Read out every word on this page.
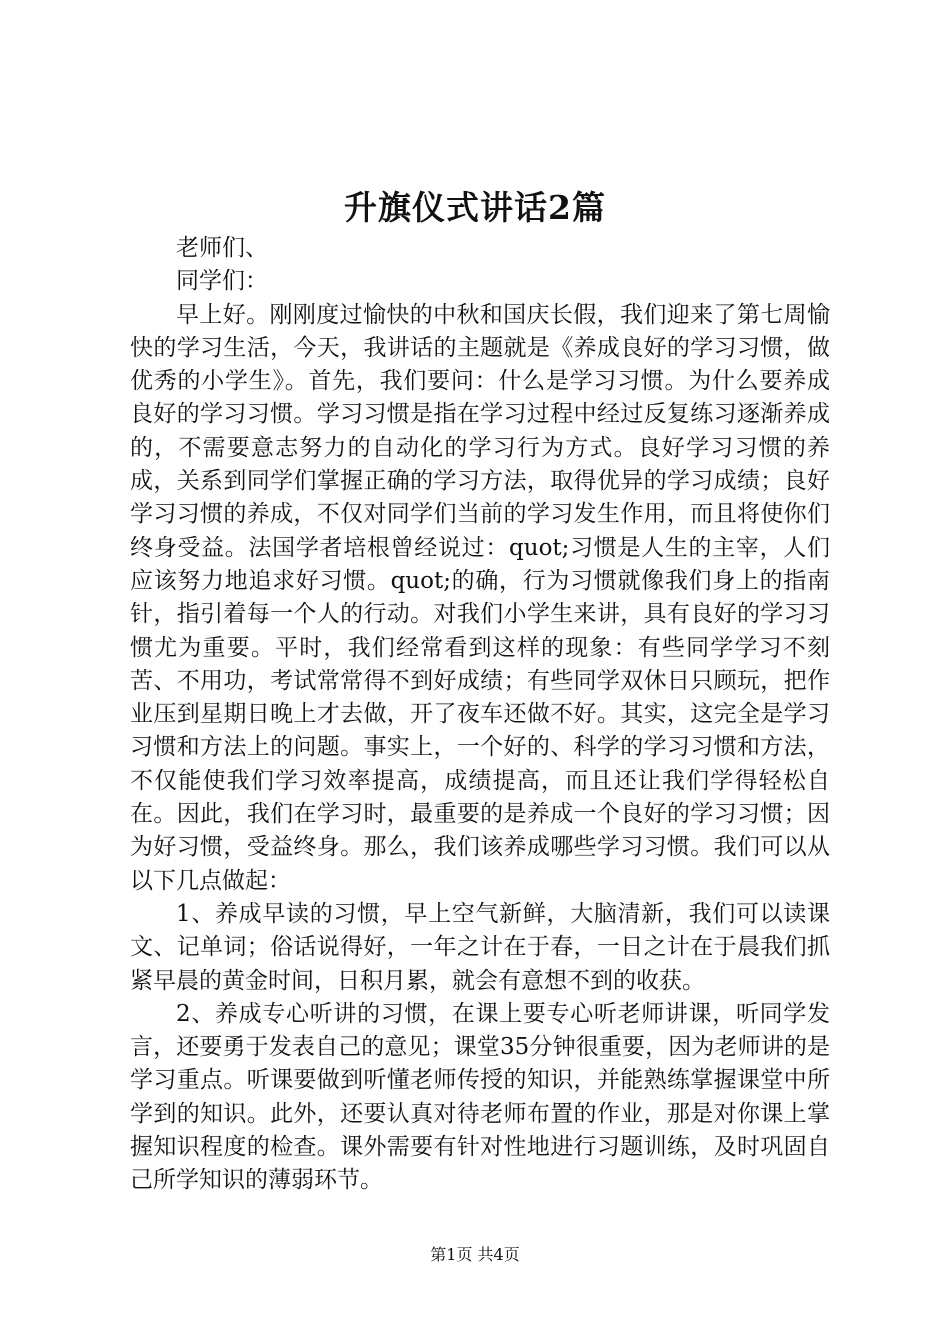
升旗仪式讲话2篇

老师们、

同学们：

早上好。刚刚度过愉快的中秋和国庆长假，我们迎来了第七周愉快的学习生活，今天，我讲话的主题就是《养成良好的学习习惯，做优秀的小学生》。首先，我们要问：什么是学习习惯。为什么要养成良好的学习习惯。学习习惯是指在学习过程中经过反复练习逐渐养成的，不需要意志努力的自动化的学习行为方式。良好学习习惯的养成，关系到同学们掌握正确的学习方法，取得优异的学习成绩；良好学习习惯的养成，不仅对同学们当前的学习发生作用，而且将使你们终身受益。法国学者培根曾经说过：quot;习惯是人生的主宰，人们应该努力地追求好习惯。quot;的确，行为习惯就像我们身上的指南针，指引着每一个人的行动。对我们小学生来讲，具有良好的学习习惯尤为重要。平时，我们经常看到这样的现象：有些同学学习不刻苦、不用功，考试常常得不到好成绩；有些同学双休日只顾玩，把作业压到星期日晚上才去做，开了夜车还做不好。其实，这完全是学习习惯和方法上的问题。事实上，一个好的、科学的学习习惯和方法，不仅能使我们学习效率提高，成绩提高，而且还让我们学得轻松自在。因此，我们在学习时，最重要的是养成一个良好的学习习惯；因为好习惯，受益终身。那么，我们该养成哪些学习习惯。我们可以从以下几点做起：

1、养成早读的习惯，早上空气新鲜，大脑清新，我们可以读课文、记单词；俗话说得好，一年之计在于春，一日之计在于晨我们抓紧早晨的黄金时间，日积月累，就会有意想不到的收获。

2、养成专心听讲的习惯，在课上要专心听老师讲课，听同学发言，还要勇于发表自己的意见；课堂35分钟很重要，因为老师讲的是学习重点。听课要做到听懂老师传授的知识，并能熟练掌握课堂中所学到的知识。此外，还要认真对待老师布置的作业，那是对你课上掌握知识程度的检查。课外需要有针对性地进行习题训练，及时巩固自己所学知识的薄弱环节。

第1页 共4页
